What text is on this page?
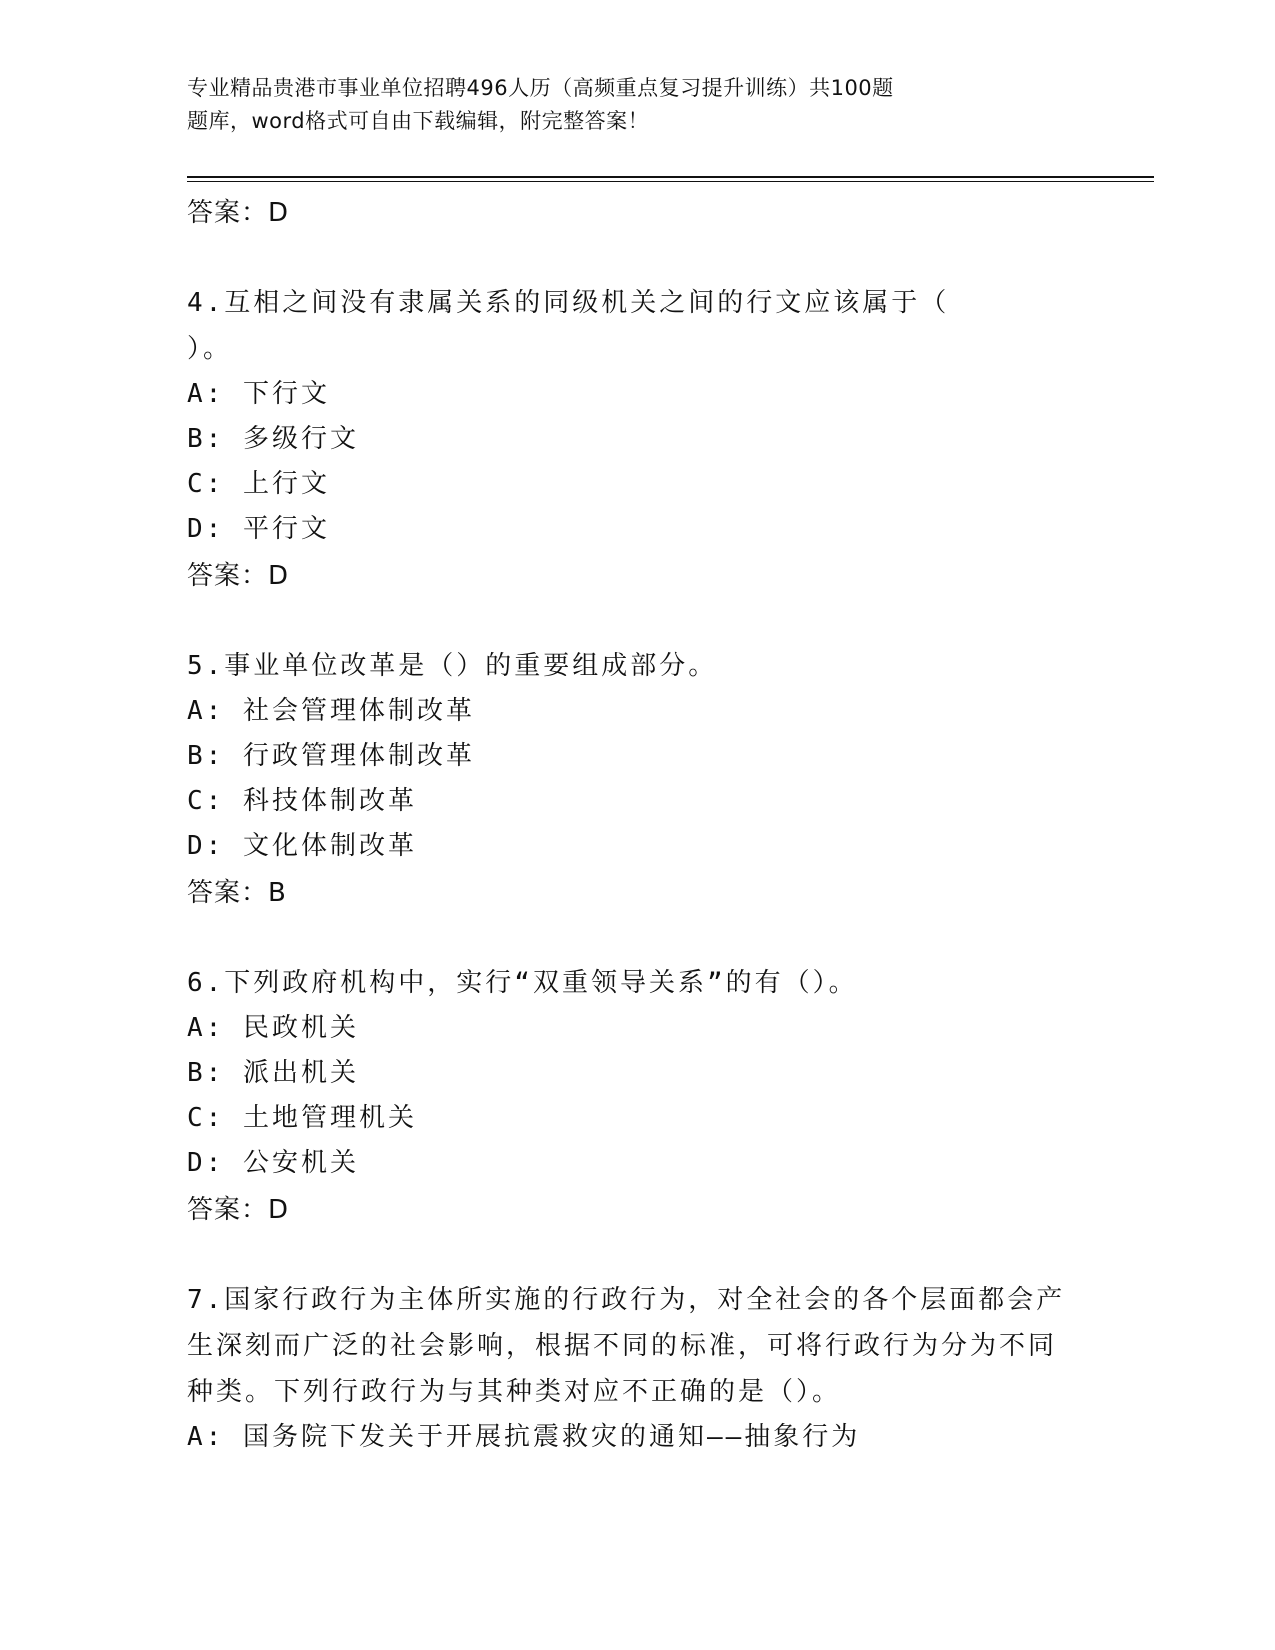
专业精品贵港市事业单位招聘496人历（高频重点复习提升训练）共100题
题库，word格式可自由下载编辑，附完整答案！
答案：D
4.互相之间没有隶属关系的同级机关之间的行文应该属于（
）。
A: 下行文
B: 多级行文
C: 上行文
D: 平行文
答案：D
5.事业单位改革是（）的重要组成部分。
A: 社会管理体制改革
B: 行政管理体制改革
C: 科技体制改革
D: 文化体制改革
答案：B
6.下列政府机构中，实行“双重领导关系”的有（）。
A: 民政机关
B: 派出机关
C: 土地管理机关
D: 公安机关
答案：D
7.国家行政行为主体所实施的行政行为，对全社会的各个层面都会产
生深刻而广泛的社会影响，根据不同的标准，可将行政行为分为不同
种类。下列行政行为与其种类对应不正确的是（）。
A: 国务院下发关于开展抗震救灾的通知——抽象行为
